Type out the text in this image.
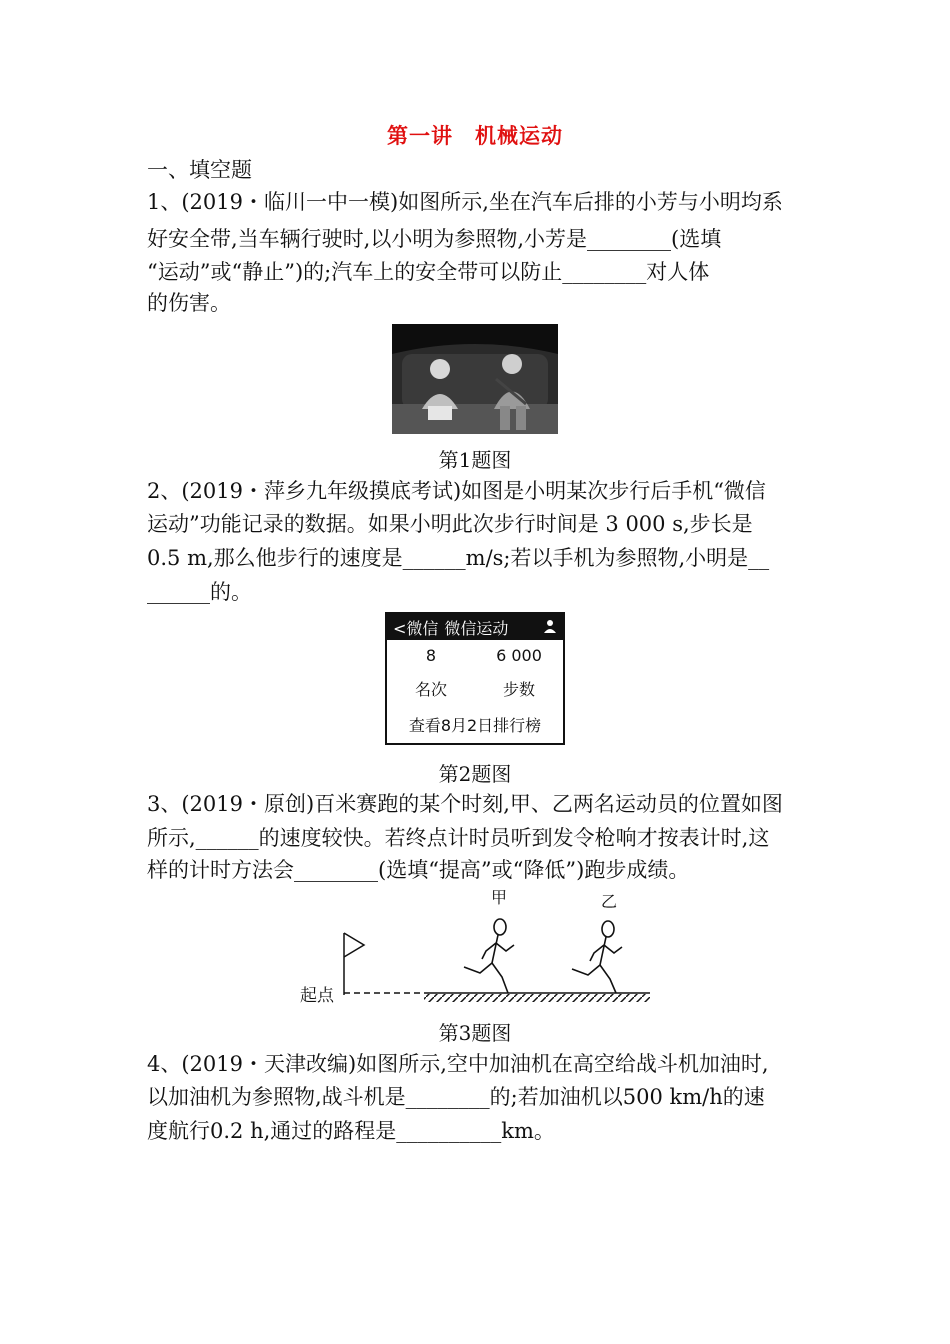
第一讲　机械运动
一、填空题
1、(2019・临川一中一模)如图所示,坐在汽车后排的小芳与小明均系
好安全带,当车辆行驶时,以小明为参照物,小芳是________(选填
“运动”或“静止”)的;汽车上的安全带可以防止________对人体
的伤害。
第1题图
2、(2019・萍乡九年级摸底考试)如图是小明某次步行后手机“微信
运动”功能记录的数据。如果小明此次步行时间是 3 000 s,步长是
0.5 m,那么他步行的速度是______m/s;若以手机为参照物,小明是__
______的。
<微信 微信运动
8	6 000
名次	步数
查看8月2日排行榜
第2题图
3、(2019・原创)百米赛跑的某个时刻,甲、乙两名运动员的位置如图
所示,______的速度较快。若终点计时员听到发令枪响才按表计时,这
样的计时方法会________(选填“提高”或“降低”)跑步成绩。
起点
甲	乙
第3题图
4、(2019・天津改编)如图所示,空中加油机在高空给战斗机加油时,
以加油机为参照物,战斗机是________的;若加油机以500 km/h的速
度航行0.2 h,通过的路程是__________km。
